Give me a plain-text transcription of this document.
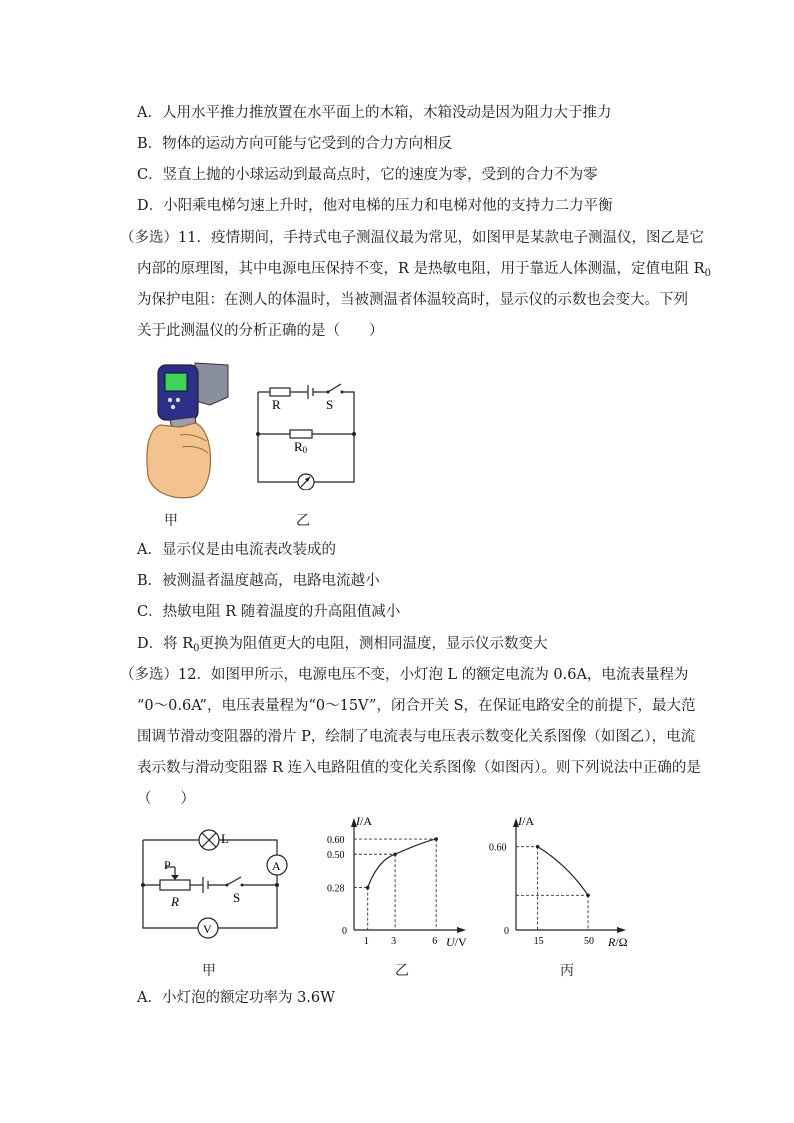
A．人用水平推力推放置在水平面上的木箱，木箱没动是因为阻力大于推力
B．物体的运动方向可能与它受到的合力方向相反
C．竖直上抛的小球运动到最高点时，它的速度为零，受到的合力不为零
D．小阳乘电梯匀速上升时，他对电梯的压力和电梯对他的支持力二力平衡
（多选）11．疫情期间，手持式电子测温仪最为常见，如图甲是某款电子测温仪，图乙是它
内部的原理图，其中电源电压保持不变，R 是热敏电阻，用于靠近人体测温，定值电阻 $R_0$
为保护电阻：在测人的体温时，当被测温者体温较高时，显示仪的示数也会变大。下列
关于此测温仪的分析正确的是（　　）
R	S
R0
甲	乙
A．显示仪是由电流表改装成的
B．被测温者温度越高，电路电流越小
C．热敏电阻 R 随着温度的升高阻值减小
D．将 $R_0$更换为阻值更大的电阻，测相同温度，显示仪示数变大
（多选）12．如图甲所示，电源电压不变，小灯泡 L 的额定电流为 0.6A，电流表量程为
“0～0.6A”，电压表量程为“0～15V”，闭合开关 S，在保证电路安全的前提下，最大范
围调节滑动变阻器的滑片 P，绘制了电流表与电压表示数变化关系图像（如图乙），电流
表示数与滑动变阻器 R 连入电路阻值的变化关系图像（如图丙）。则下列说法中正确的是
（　　）
L
A
P
R	S
V
1 3	6
0.28
0.50
0.60
0
U/V
I/A
15	50
0.60
0
R/Ω
I/A
甲	乙	丙
A．小灯泡的额定功率为 3.6W
